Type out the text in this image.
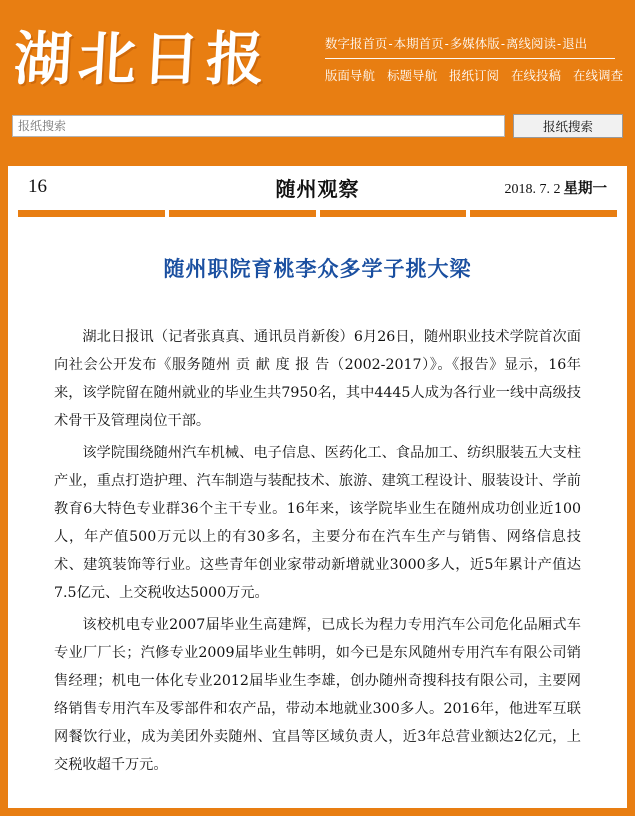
湖北日报	数字报首页-本期首页-多媒体版-离线阅读-退出
版面导航 标题导航 报纸订阅 在线投稿 在线调查
报纸搜索
报纸搜索
16	随州观察	2018. 7. 2 星期一
随州职院育桃李众多学子挑大梁

湖北日报讯（记者张真真、通讯员肖新俊）6月26日，随州职业技术学院首次面向社会公开发布《服务随州 贡 献 度 报 告（2002-2017）》。《报告》显示，16年来，该学院留在随州就业的毕业生共7950名，其中4445人成为各行业一线中高级技术骨干及管理岗位干部。

该学院围绕随州汽车机械、电子信息、医药化工、食品加工、纺织服装五大支柱产业，重点打造护理、汽车制造与装配技术、旅游、建筑工程设计、服装设计、学前教育6大特色专业群36个主干专业。16年来，该学院毕业生在随州成功创业近100人，年产值500万元以上的有30多名，主要分布在汽车生产与销售、网络信息技术、建筑装饰等行业。这些青年创业家带动新增就业3000多人，近5年累计产值达7.5亿元、上交税收达5000万元。

该校机电专业2007届毕业生高建辉，已成长为程力专用汽车公司危化品厢式车专业厂厂长；汽修专业2009届毕业生韩明，如今已是东风随州专用汽车有限公司销售经理；机电一体化专业2012届毕业生李雄，创办随州奇搜科技有限公司，主要网络销售专用汽车及零部件和农产品，带动本地就业300多人。2016年，他进军互联网餐饮行业，成为美团外卖随州、宜昌等区域负责人，近3年总营业额达2亿元，上交税收超千万元。
